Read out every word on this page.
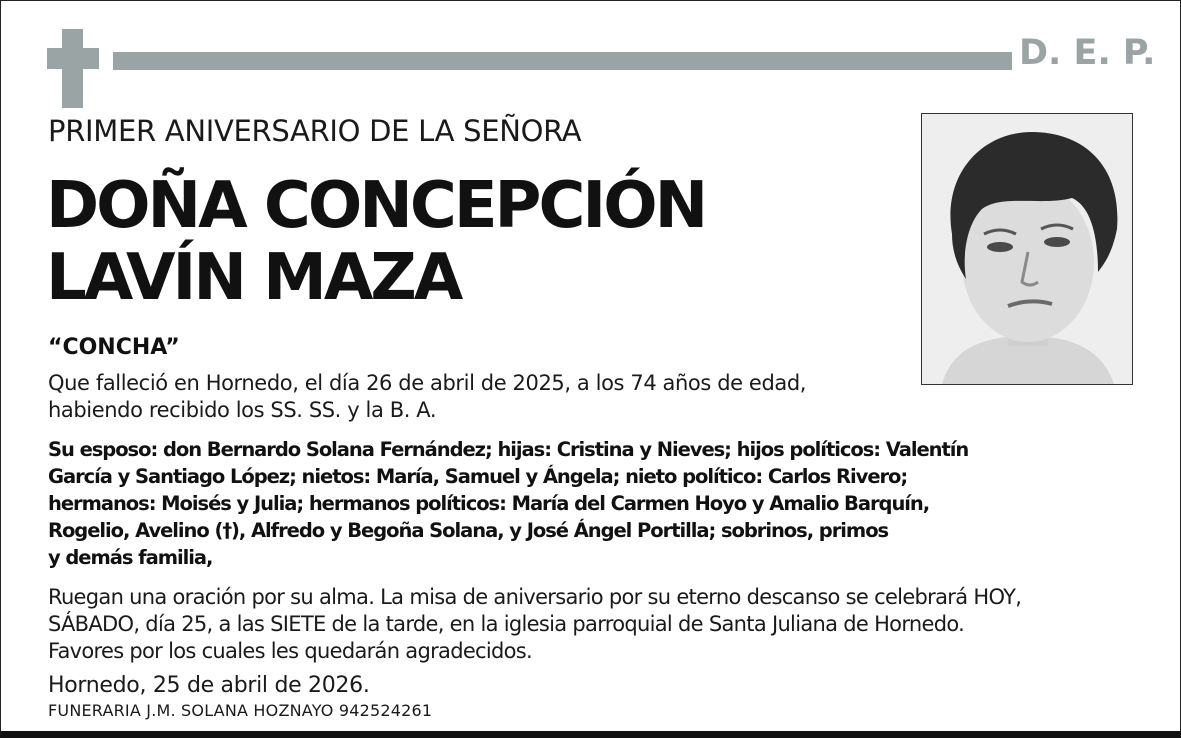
D. E. P.
PRIMER ANIVERSARIO DE LA SEÑORA
DOÑA CONCEPCIÓN
LAVÍN MAZA
“CONCHA”
Que falleció en Hornedo, el día 26 de abril de 2025, a los 74 años de edad,
habiendo recibido los SS. SS. y la B. A.
Su esposo: don Bernardo Solana Fernández; hijas: Cristina y Nieves; hijos políticos: Valentín
García y Santiago López; nietos: María, Samuel y Ángela; nieto político: Carlos Rivero;
hermanos: Moisés y Julia; hermanos políticos: María del Carmen Hoyo y Amalio Barquín,
Rogelio, Avelino (†), Alfredo y Begoña Solana, y José Ángel Portilla; sobrinos, primos
y demás familia,
Ruegan una oración por su alma. La misa de aniversario por su eterno descanso se celebrará HOY,
SÁBADO, día 25, a las SIETE de la tarde, en la iglesia parroquial de Santa Juliana de Hornedo.
Favores por los cuales les quedarán agradecidos.
Hornedo, 25 de abril de 2026.
FUNERARIA J.M. SOLANA HOZNAYO 942524261
